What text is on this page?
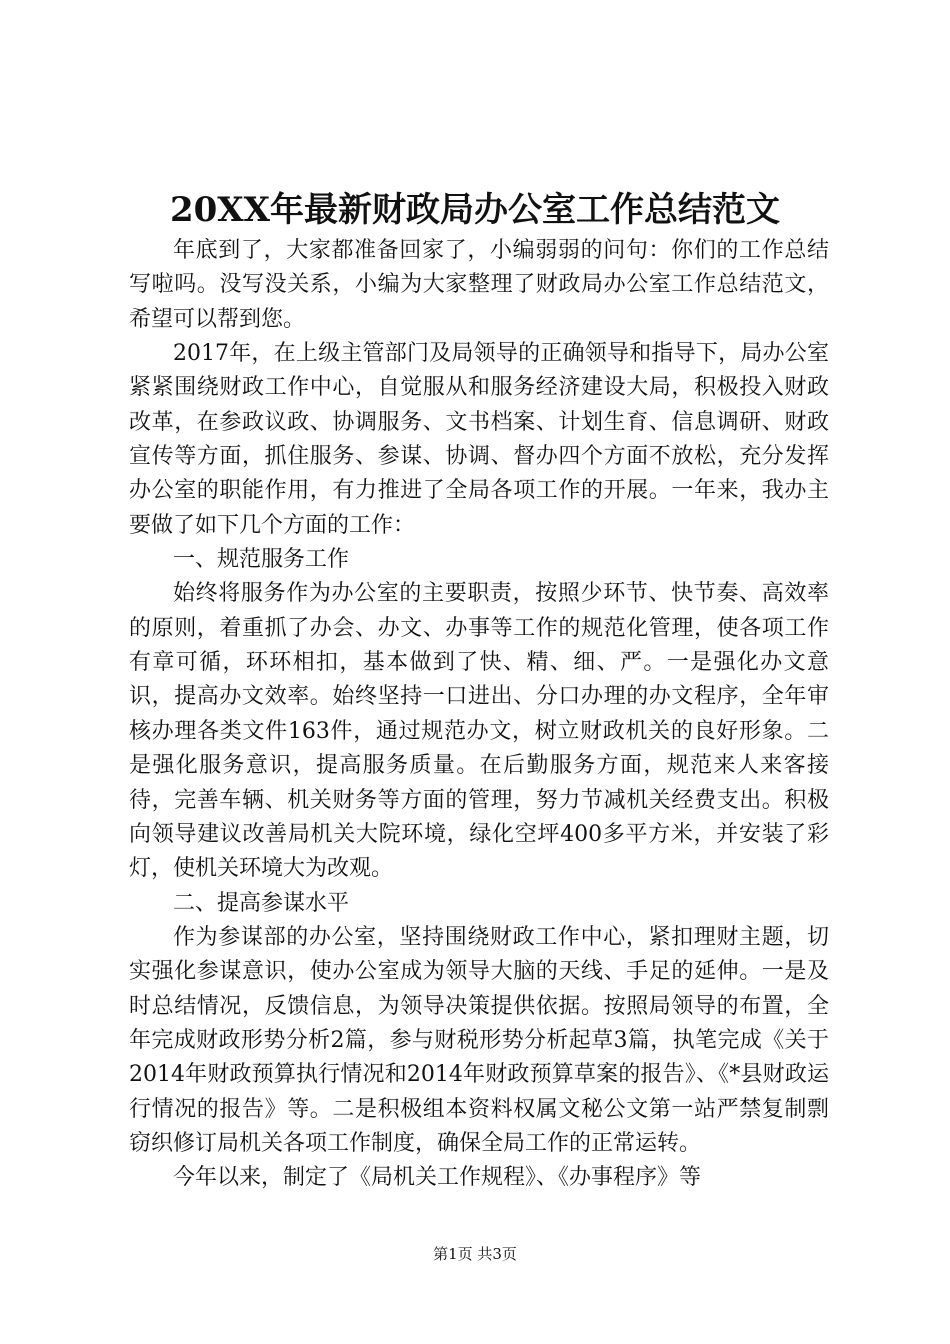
20XX年最新财政局办公室工作总结范文

年底到了，大家都准备回家了，小编弱弱的问句：你们的工作总结写啦吗。没写没关系，小编为大家整理了财政局办公室工作总结范文，希望可以帮到您。

2017年，在上级主管部门及局领导的正确领导和指导下，局办公室紧紧围绕财政工作中心，自觉服从和服务经济建设大局，积极投入财政改革，在参政议政、协调服务、文书档案、计划生育、信息调研、财政宣传等方面，抓住服务、参谋、协调、督办四个方面不放松，充分发挥办公室的职能作用，有力推进了全局各项工作的开展。一年来，我办主要做了如下几个方面的工作：

一、规范服务工作

始终将服务作为办公室的主要职责，按照少环节、快节奏、高效率的原则，着重抓了办会、办文、办事等工作的规范化管理，使各项工作有章可循，环环相扣，基本做到了快、精、细、严。一是强化办文意识，提高办文效率。始终坚持一口进出、分口办理的办文程序，全年审核办理各类文件163件，通过规范办文，树立财政机关的良好形象。二是强化服务意识，提高服务质量。在后勤服务方面，规范来人来客接待，完善车辆、机关财务等方面的管理，努力节减机关经费支出。积极向领导建议改善局机关大院环境，绿化空坪400多平方米，并安装了彩灯，使机关环境大为改观。

二、提高参谋水平

作为参谋部的办公室，坚持围绕财政工作中心，紧扣理财主题，切实强化参谋意识，使办公室成为领导大脑的天线、手足的延伸。一是及时总结情况，反馈信息，为领导决策提供依据。按照局领导的布置，全年完成财政形势分析2篇，参与财税形势分析起草3篇，执笔完成《关于2014年财政预算执行情况和2014年财政预算草案的报告》、《*县财政运行情况的报告》等。二是积极组本资料权属文秘公文第一站严禁复制剽窃织修订局机关各项工作制度，确保全局工作的正常运转。

今年以来，制定了《局机关工作规程》、《办事程序》等

第1页 共3页
